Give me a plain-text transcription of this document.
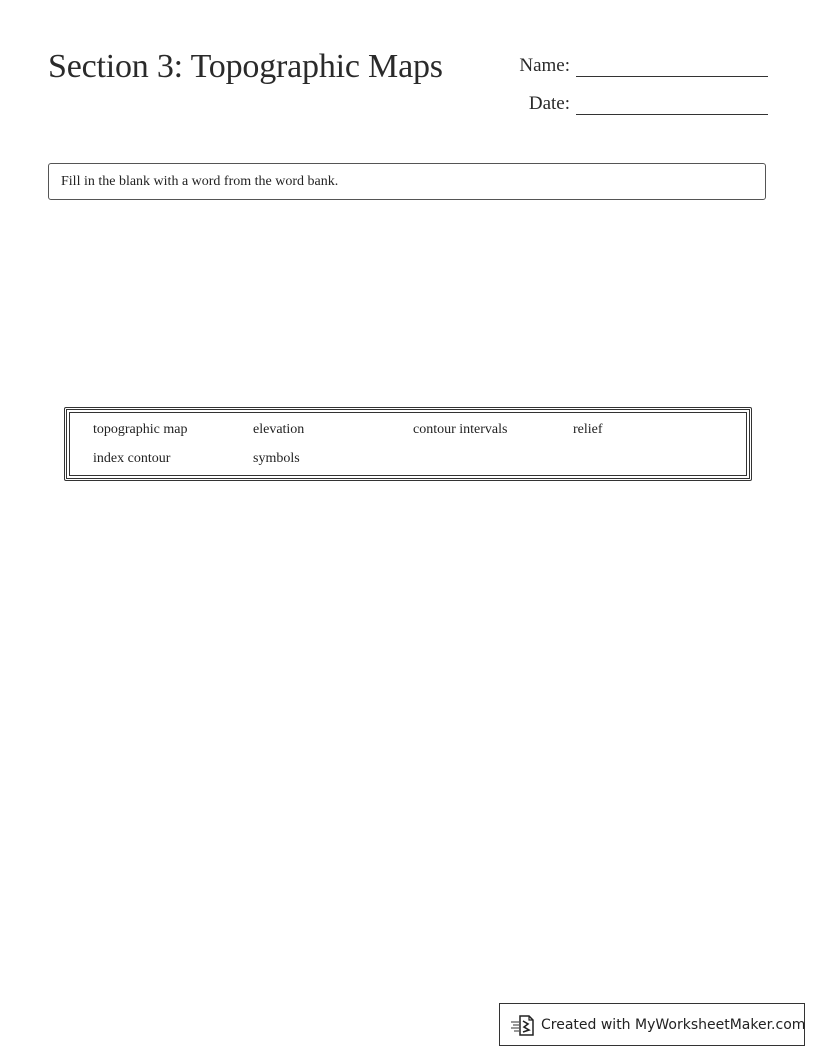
Section 3: Topographic Maps	Name:
Date:
Fill in the blank with a word from the word bank.
topographic map	elevation	contour intervals	relief
index contour	symbols
Created with MyWorksheetMaker.com
